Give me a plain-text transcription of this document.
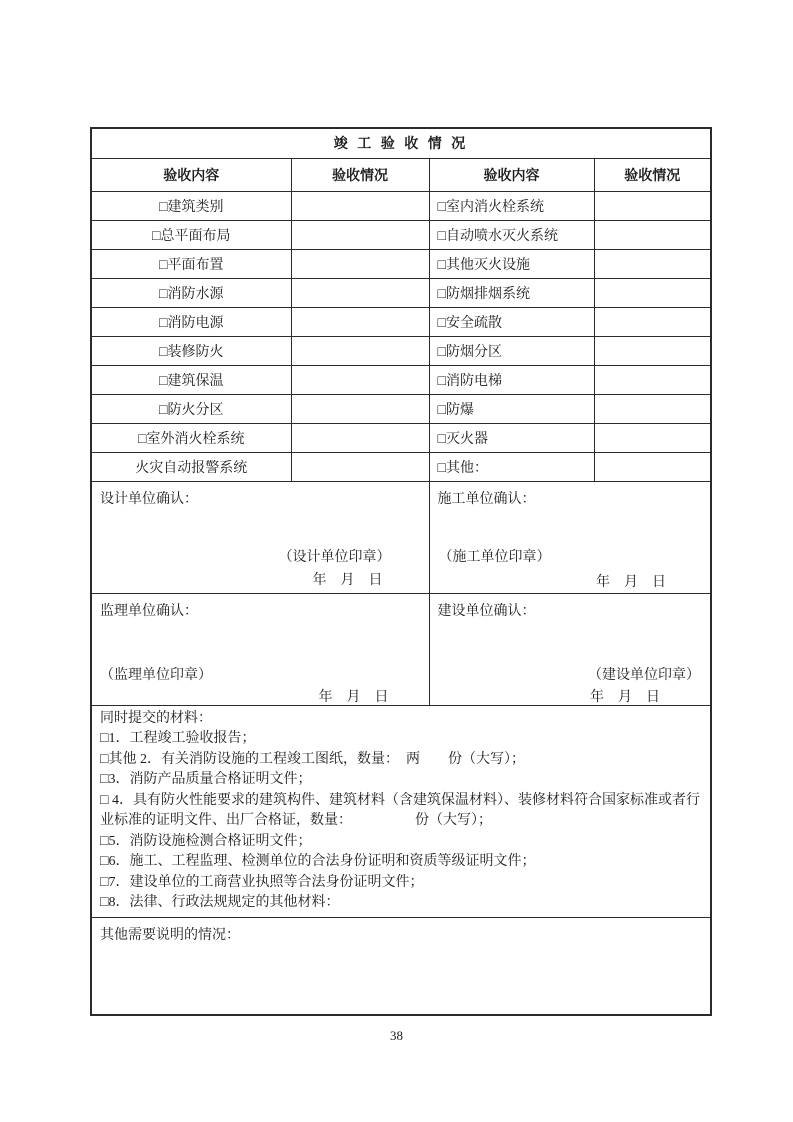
竣 工 验 收 情 况			
验收内容	验收情况	验收内容	验收情况
□建筑类别		□室内消火栓系统	
□总平面布局		□自动喷水灭火系统	
□平面布置		□其他灭火设施	
□消防水源		□防烟排烟系统	
□消防电源		□安全疏散	
□装修防火		□防烟分区	
□建筑保温		□消防电梯	
□防火分区		□防爆	
□室外消火栓系统		□灭火器	
火灾自动报警系统		□其他：	

设计单位确认：
（设计单位印章）
年　月　日

施工单位确认：
（施工单位印章）
年　月　日

监理单位确认：
（监理单位印章）
年　月　日

建设单位确认：
（建设单位印章）
年　月　日

同时提交的材料：
□1．工程竣工验收报告；
□其他 2．有关消防设施的工程竣工图纸，数量：　两　　份（大写）；
□3．消防产品质量合格证明文件；
□ 4．具有防火性能要求的建筑构件、建筑材料（含建筑保温材料）、装修材料符合国家标准或者行业标准的证明文件、出厂合格证，数量：　　　　　份（大写）；
□5．消防设施检测合格证明文件；
□6．施工、工程监理、检测单位的合法身份证明和资质等级证明文件；
□7．建设单位的工商营业执照等合法身份证明文件；
□8．法律、行政法规规定的其他材料：

其他需要说明的情况：			
38
